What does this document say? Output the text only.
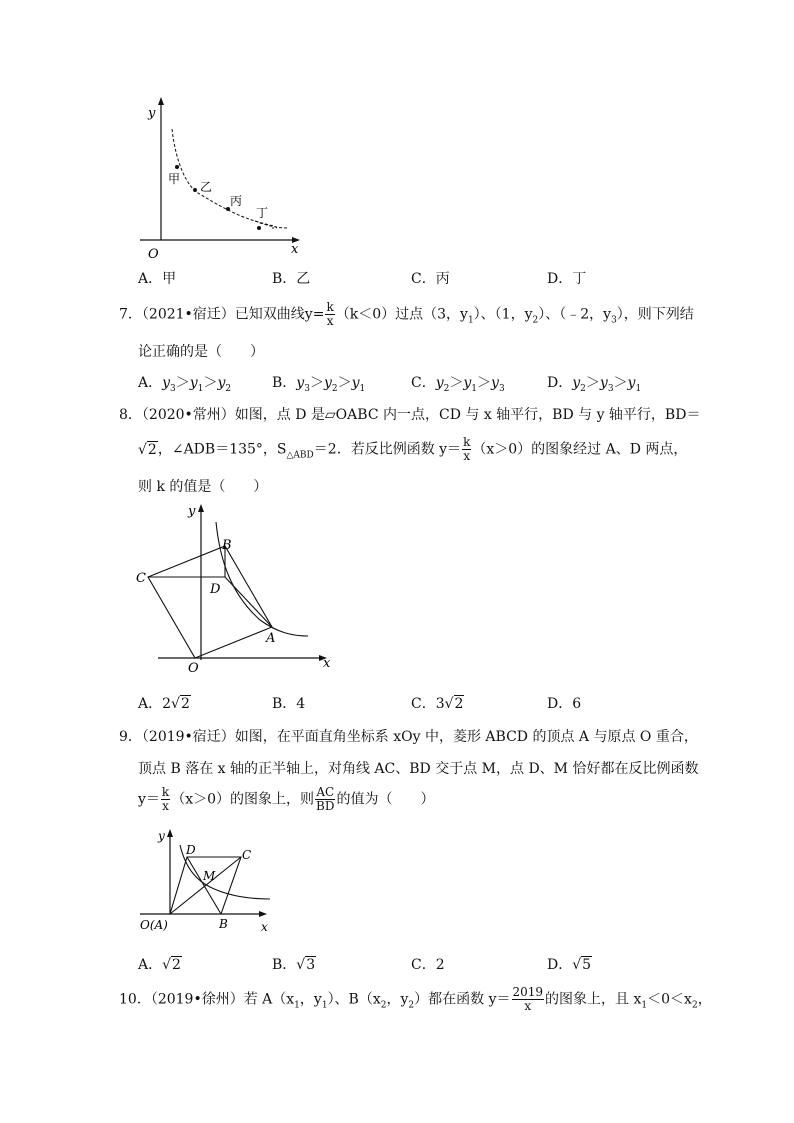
y
x
O
甲
乙
丙
丁
A．甲	B．乙	C．丙	D．丁
7．（2021•宿迁）已知双曲线$y= \frac{k}{x} (k<0)$过点（3，$y_1$）、（1，$y_2$）、（﹣2，$y_3$），则下列结
论正确的是（　　）
A．$y_3>y_1>y_2$	B．$y_3>y_2>y_1$	C．$y_2>y_1>y_3$	D．$y_2>y_3>y_1$
8．（2020•常州）如图，点 D 是▱OABC 内一点，CD 与 x 轴平行，BD 与 y 轴平行，BD＝
√2，∠ADB＝135°，$S_{\triangle ABD}=2$．若反比例函数 $y= \frac{k}{x} (x>0)$的图象经过 A、D 两点，
则 k 的值是（　　）
y
x
O
A
B
C
D
A．2√2	B．4	C．3√2	D．6
9．（2019•宿迁）如图，在平面直角坐标系 xOy 中，菱形 ABCD 的顶点 A 与原点 O 重合，
顶点 B 落在 x 轴的正半轴上，对角线 AC、BD 交于点 M，点 D、M 恰好都在反比例函数
$y= \frac{k}{x} (x>0)$的图象上，则 $\frac{AC}{BD}$ 的值为（　　）
y
x
O(A)	B
C
D
M
A．√2	B．√3	C．2	D．√5
10．（2019•徐州）若 $A(x_1$，$y_1$）、$B(x_2$，$y_2$）都在函数 $y= \frac{2019}{x}$ 的图象上，且 $x_1<0<x_2$，
